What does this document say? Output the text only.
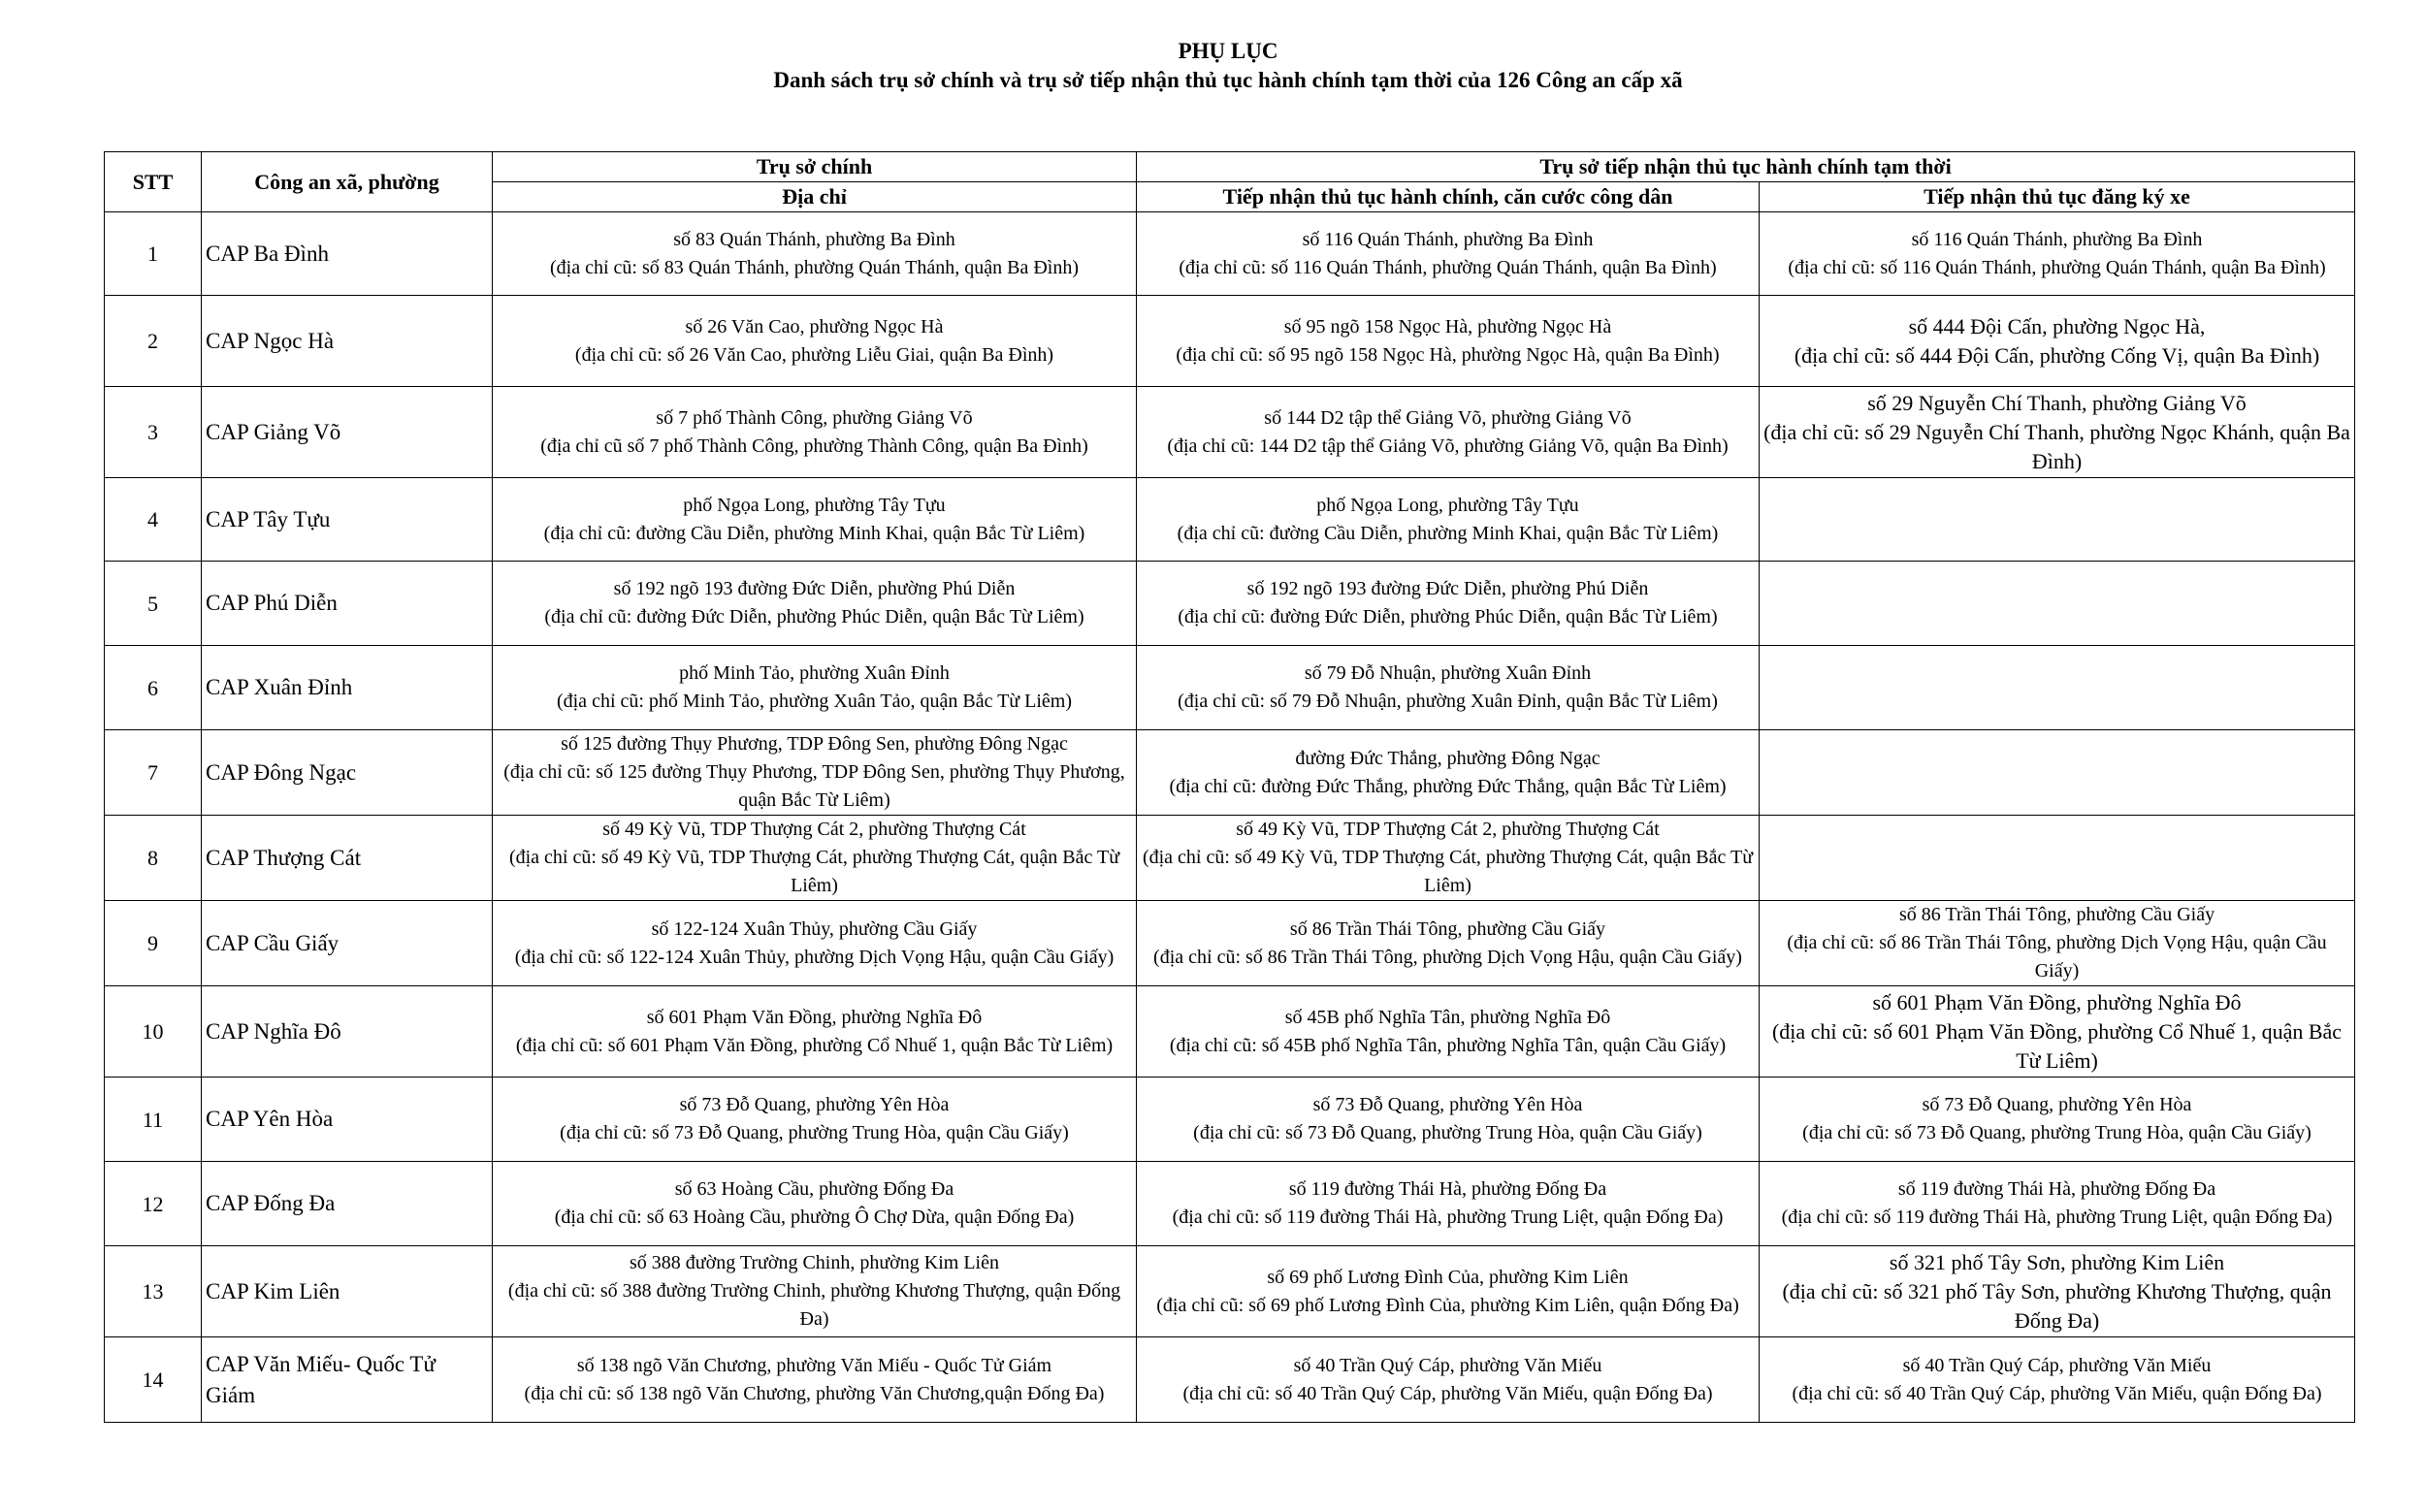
PHỤ LỤC
Danh sách trụ sở chính và trụ sở tiếp nhận thủ tục hành chính tạm thời của 126 Công an cấp xã
STT	Công an xã, phường	Trụ sở chính	Trụ sở tiếp nhận thủ tục hành chính tạm thời	
		Địa chỉ	Tiếp nhận thủ tục hành chính, căn cước công dân	Tiếp nhận thủ tục đăng ký xe
1	CAP Ba Đình	số 83 Quán Thánh, phường Ba Đình
(địa chỉ cũ: số 83 Quán Thánh, phường Quán Thánh, quận Ba Đình)	số 116 Quán Thánh, phường Ba Đình
(địa chỉ cũ: số 116 Quán Thánh, phường Quán Thánh, quận Ba Đình)	số 116 Quán Thánh, phường Ba Đình
(địa chỉ cũ: số 116 Quán Thánh, phường Quán Thánh, quận Ba Đình)

2	CAP Ngọc Hà	số 26 Văn Cao, phường Ngọc Hà
(địa chỉ cũ: số 26 Văn Cao, phường Liễu Giai, quận Ba Đình)	số 95 ngõ 158 Ngọc Hà, phường Ngọc Hà
(địa chỉ cũ: số 95 ngõ 158 Ngọc Hà, phường Ngọc Hà, quận Ba Đình)	số 444 Đội Cấn, phường Ngọc Hà,
(địa chỉ cũ: số 444 Đội Cấn, phường Cống Vị, quận Ba Đình)

3	CAP Giảng Võ	số 7 phố Thành Công, phường Giảng Võ
(địa chỉ cũ số 7 phố Thành Công, phường Thành Công, quận Ba Đình)	số 144 D2 tập thể Giảng Võ, phường Giảng Võ
(địa chỉ cũ: 144 D2 tập thể Giảng Võ, phường Giảng Võ, quận Ba Đình)	số 29 Nguyễn Chí Thanh, phường Giảng Võ
(địa chỉ cũ: số 29 Nguyễn Chí Thanh, phường Ngọc Khánh, quận Ba Đình)

4	CAP Tây Tựu	phố Ngọa Long, phường Tây Tựu
(địa chỉ cũ: đường Cầu Diễn, phường Minh Khai, quận Bắc Từ Liêm)	phố Ngọa Long, phường Tây Tựu
(địa chỉ cũ: đường Cầu Diễn, phường Minh Khai, quận Bắc Từ Liêm)	

5	CAP Phú Diễn	số 192 ngõ 193 đường Đức Diễn, phường Phú Diễn
(địa chỉ cũ: đường Đức Diễn, phường Phúc Diễn, quận Bắc Từ Liêm)	số 192 ngõ 193 đường Đức Diễn, phường Phú Diễn
(địa chỉ cũ: đường Đức Diễn, phường Phúc Diễn, quận Bắc Từ Liêm)	

6	CAP Xuân Đỉnh	phố Minh Tảo, phường Xuân Đỉnh
(địa chỉ cũ: phố Minh Tảo, phường Xuân Tảo, quận Bắc Từ Liêm)	số 79 Đỗ Nhuận, phường Xuân Đỉnh
(địa chỉ cũ: số 79 Đỗ Nhuận, phường Xuân Đỉnh, quận Bắc Từ Liêm)	

7	CAP Đông Ngạc	số 125 đường Thụy Phương, TDP Đông Sen, phường Đông Ngạc
(địa chỉ cũ: số 125 đường Thụy Phương, TDP Đông Sen, phường Thụy Phương, quận Bắc Từ Liêm)	đường Đức Thắng, phường Đông Ngạc
(địa chỉ cũ: đường Đức Thắng, phường Đức Thắng, quận Bắc Từ Liêm)	

8	CAP Thượng Cát	số 49 Kỳ Vũ, TDP Thượng Cát 2, phường Thượng Cát
(địa chỉ cũ: số 49 Kỳ Vũ, TDP Thượng Cát, phường Thượng Cát, quận Bắc Từ Liêm)	số 49 Kỳ Vũ, TDP Thượng Cát 2, phường Thượng Cát
(địa chỉ cũ: số 49 Kỳ Vũ, TDP Thượng Cát, phường Thượng Cát, quận Bắc Từ Liêm)	

9	CAP Cầu Giấy	số 122-124 Xuân Thủy, phường Cầu Giấy
(địa chỉ cũ: số 122-124 Xuân Thủy, phường Dịch Vọng Hậu, quận Cầu Giấy)	số 86 Trần Thái Tông, phường Cầu Giấy
(địa chỉ cũ: số 86 Trần Thái Tông, phường Dịch Vọng Hậu, quận Cầu Giấy)	số 86 Trần Thái Tông, phường Cầu Giấy
(địa chỉ cũ: số 86 Trần Thái Tông, phường Dịch Vọng Hậu, quận Cầu Giấy)

10	CAP Nghĩa Đô	số 601 Phạm Văn Đồng, phường Nghĩa Đô
(địa chỉ cũ: số 601 Phạm Văn Đồng, phường Cổ Nhuế 1, quận Bắc Từ Liêm)	số 45B phố Nghĩa Tân, phường Nghĩa Đô
(địa chỉ cũ: số 45B phố Nghĩa Tân, phường Nghĩa Tân, quận Cầu Giấy)	số 601 Phạm Văn Đồng, phường Nghĩa Đô
(địa chỉ cũ: số 601 Phạm Văn Đồng, phường Cổ Nhuế 1, quận Bắc Từ Liêm)

11	CAP Yên Hòa	số 73 Đỗ Quang, phường Yên Hòa
(địa chỉ cũ: số 73 Đỗ Quang, phường Trung Hòa, quận Cầu Giấy)	số 73 Đỗ Quang, phường Yên Hòa
(địa chỉ cũ: số 73 Đỗ Quang, phường Trung Hòa, quận Cầu Giấy)	số 73 Đỗ Quang, phường Yên Hòa
(địa chỉ cũ: số 73 Đỗ Quang, phường Trung Hòa, quận Cầu Giấy)

12	CAP Đống Đa	số 63 Hoàng Cầu, phường Đống Đa
(địa chỉ cũ: số 63 Hoàng Cầu, phường Ô Chợ Dừa, quận Đống Đa)	số 119 đường Thái Hà, phường Đống Đa
(địa chỉ cũ: số 119 đường Thái Hà, phường Trung Liệt, quận Đống Đa)	số 119 đường Thái Hà, phường Đống Đa
(địa chỉ cũ: số 119 đường Thái Hà, phường Trung Liệt, quận Đống Đa)

13	CAP Kim Liên	số 388 đường Trường Chinh, phường Kim Liên
(địa chỉ cũ: số 388 đường Trường Chinh, phường Khương Thượng, quận Đống Đa)	số 69 phố Lương Đình Của, phường Kim Liên
(địa chỉ cũ: số 69 phố Lương Đình Của, phường Kim Liên, quận Đống Đa)	số 321 phố Tây Sơn, phường Kim Liên
(địa chỉ cũ: số 321 phố Tây Sơn, phường Khương Thượng, quận Đống Đa)

14	CAP Văn Miếu- Quốc Tử Giám	số 138 ngõ Văn Chương, phường Văn Miếu - Quốc Tử Giám
(địa chỉ cũ: số 138 ngõ Văn Chương, phường Văn Chương,quận Đống Đa)	số 40 Trần Quý Cáp, phường Văn Miếu
(địa chỉ cũ: số 40 Trần Quý Cáp, phường Văn Miếu, quận Đống Đa)	số 40 Trần Quý Cáp, phường Văn Miếu
(địa chỉ cũ: số 40 Trần Quý Cáp, phường Văn Miếu, quận Đống Đa)
